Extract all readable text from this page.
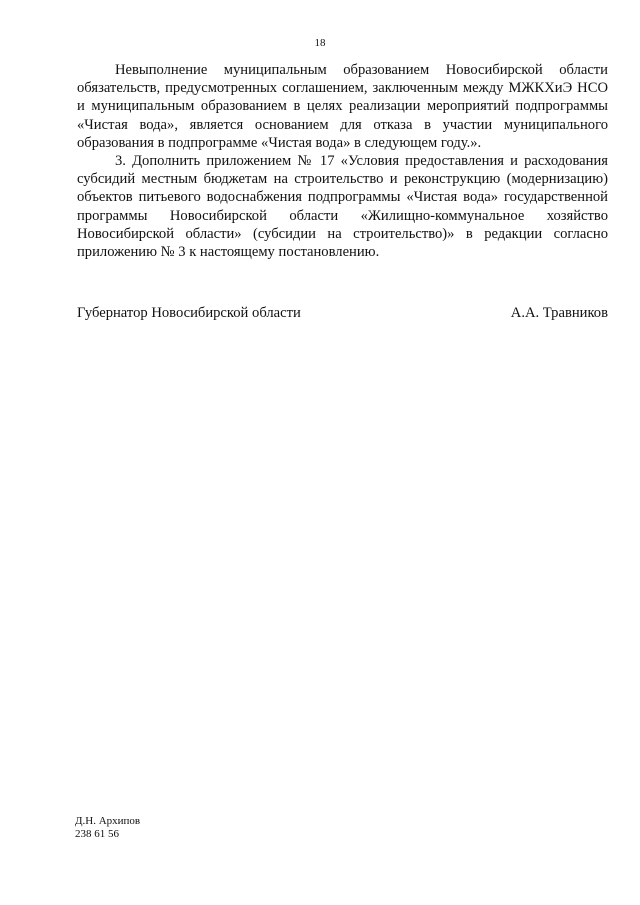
18

Невыполнение муниципальным образованием Новосибирской области обязательств, предусмотренных соглашением, заключенным между МЖКХиЭ НСО и муниципальным образованием в целях реализации мероприятий подпрограммы «Чистая вода», является основанием для отказа в участии муниципального образования в подпрограмме «Чистая вода» в следующем году.».

3. Дополнить приложением № 17 «Условия предоставления и расходования субсидий местным бюджетам на строительство и реконструкцию (модернизацию) объектов питьевого водоснабжения подпрограммы «Чистая вода» государственной программы Новосибирской области «Жилищно-коммунальное хозяйство Новосибирской области» (субсидии на строительство)» в редакции согласно приложению № 3 к настоящему постановлению.

Губернатор Новосибирской области	А.А. Травников
Д.Н. Архипов
238 61 56
